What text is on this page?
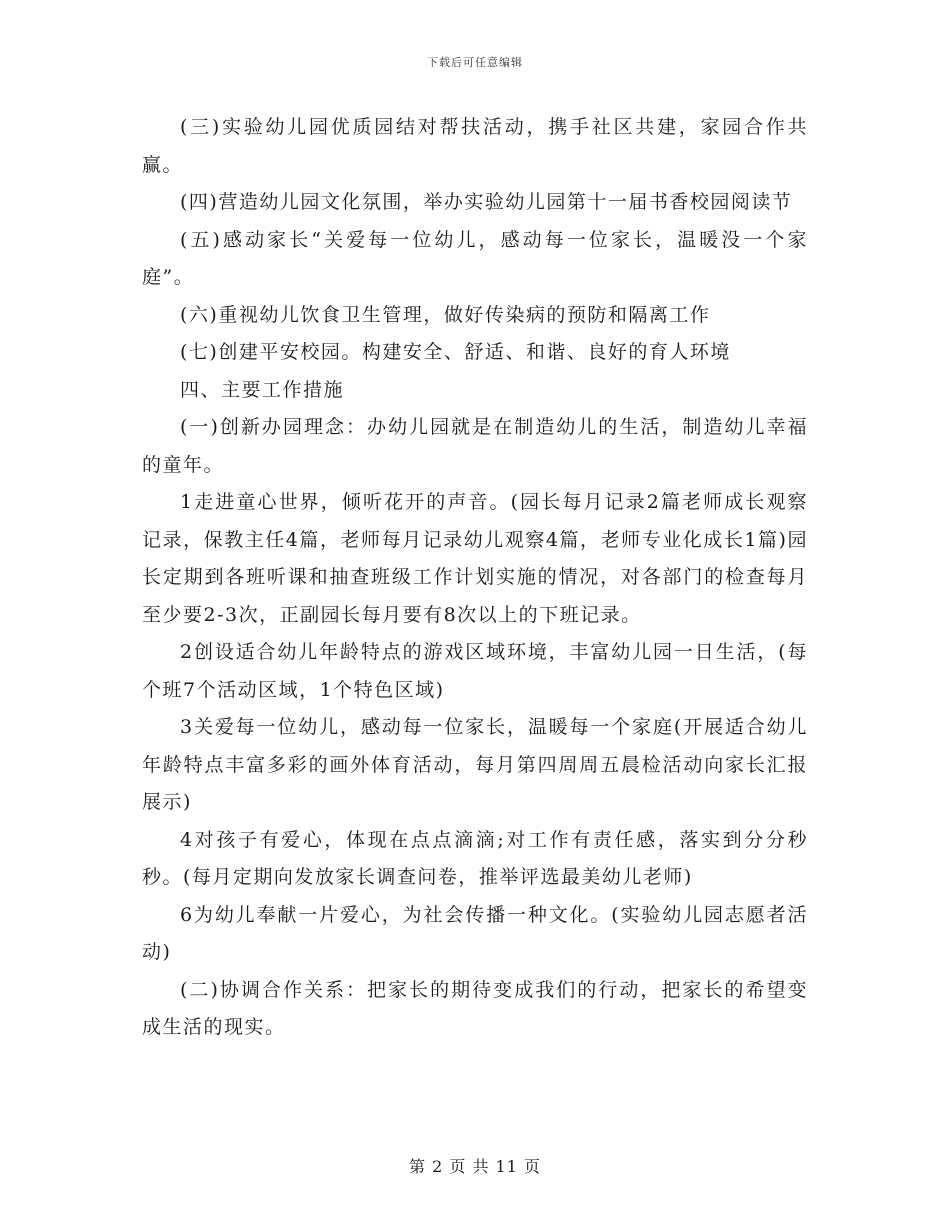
下载后可任意编辑

(三)实验幼儿园优质园结对帮扶活动，携手社区共建，家园合作共赢。

(四)营造幼儿园文化氛围，举办实验幼儿园第十一届书香校园阅读节

(五)感动家长“关爱每一位幼儿，感动每一位家长，温暖没一个家庭”。

(六)重视幼儿饮食卫生管理，做好传染病的预防和隔离工作

(七)创建平安校园。构建安全、舒适、和谐、良好的育人环境

四、主要工作措施

(一)创新办园理念：办幼儿园就是在制造幼儿的生活，制造幼儿幸福的童年。

1走进童心世界，倾听花开的声音。(园长每月记录2篇老师成长观察记录，保教主任4篇，老师每月记录幼儿观察4篇，老师专业化成长1篇)园长定期到各班听课和抽查班级工作计划实施的情况，对各部门的检查每月至少要2-3次，正副园长每月要有8次以上的下班记录。

2创设适合幼儿年龄特点的游戏区域环境，丰富幼儿园一日生活，(每个班7个活动区域，1个特色区域)

3关爱每一位幼儿，感动每一位家长，温暖每一个家庭(开展适合幼儿年龄特点丰富多彩的画外体育活动，每月第四周周五晨检活动向家长汇报展示)

4对孩子有爱心，体现在点点滴滴;对工作有责任感，落实到分分秒秒。(每月定期向发放家长调查问卷，推举评选最美幼儿老师)

6为幼儿奉献一片爱心，为社会传播一种文化。(实验幼儿园志愿者活动)

(二)协调合作关系：把家长的期待变成我们的行动，把家长的希望变成生活的现实。

第 2 页 共 11 页
